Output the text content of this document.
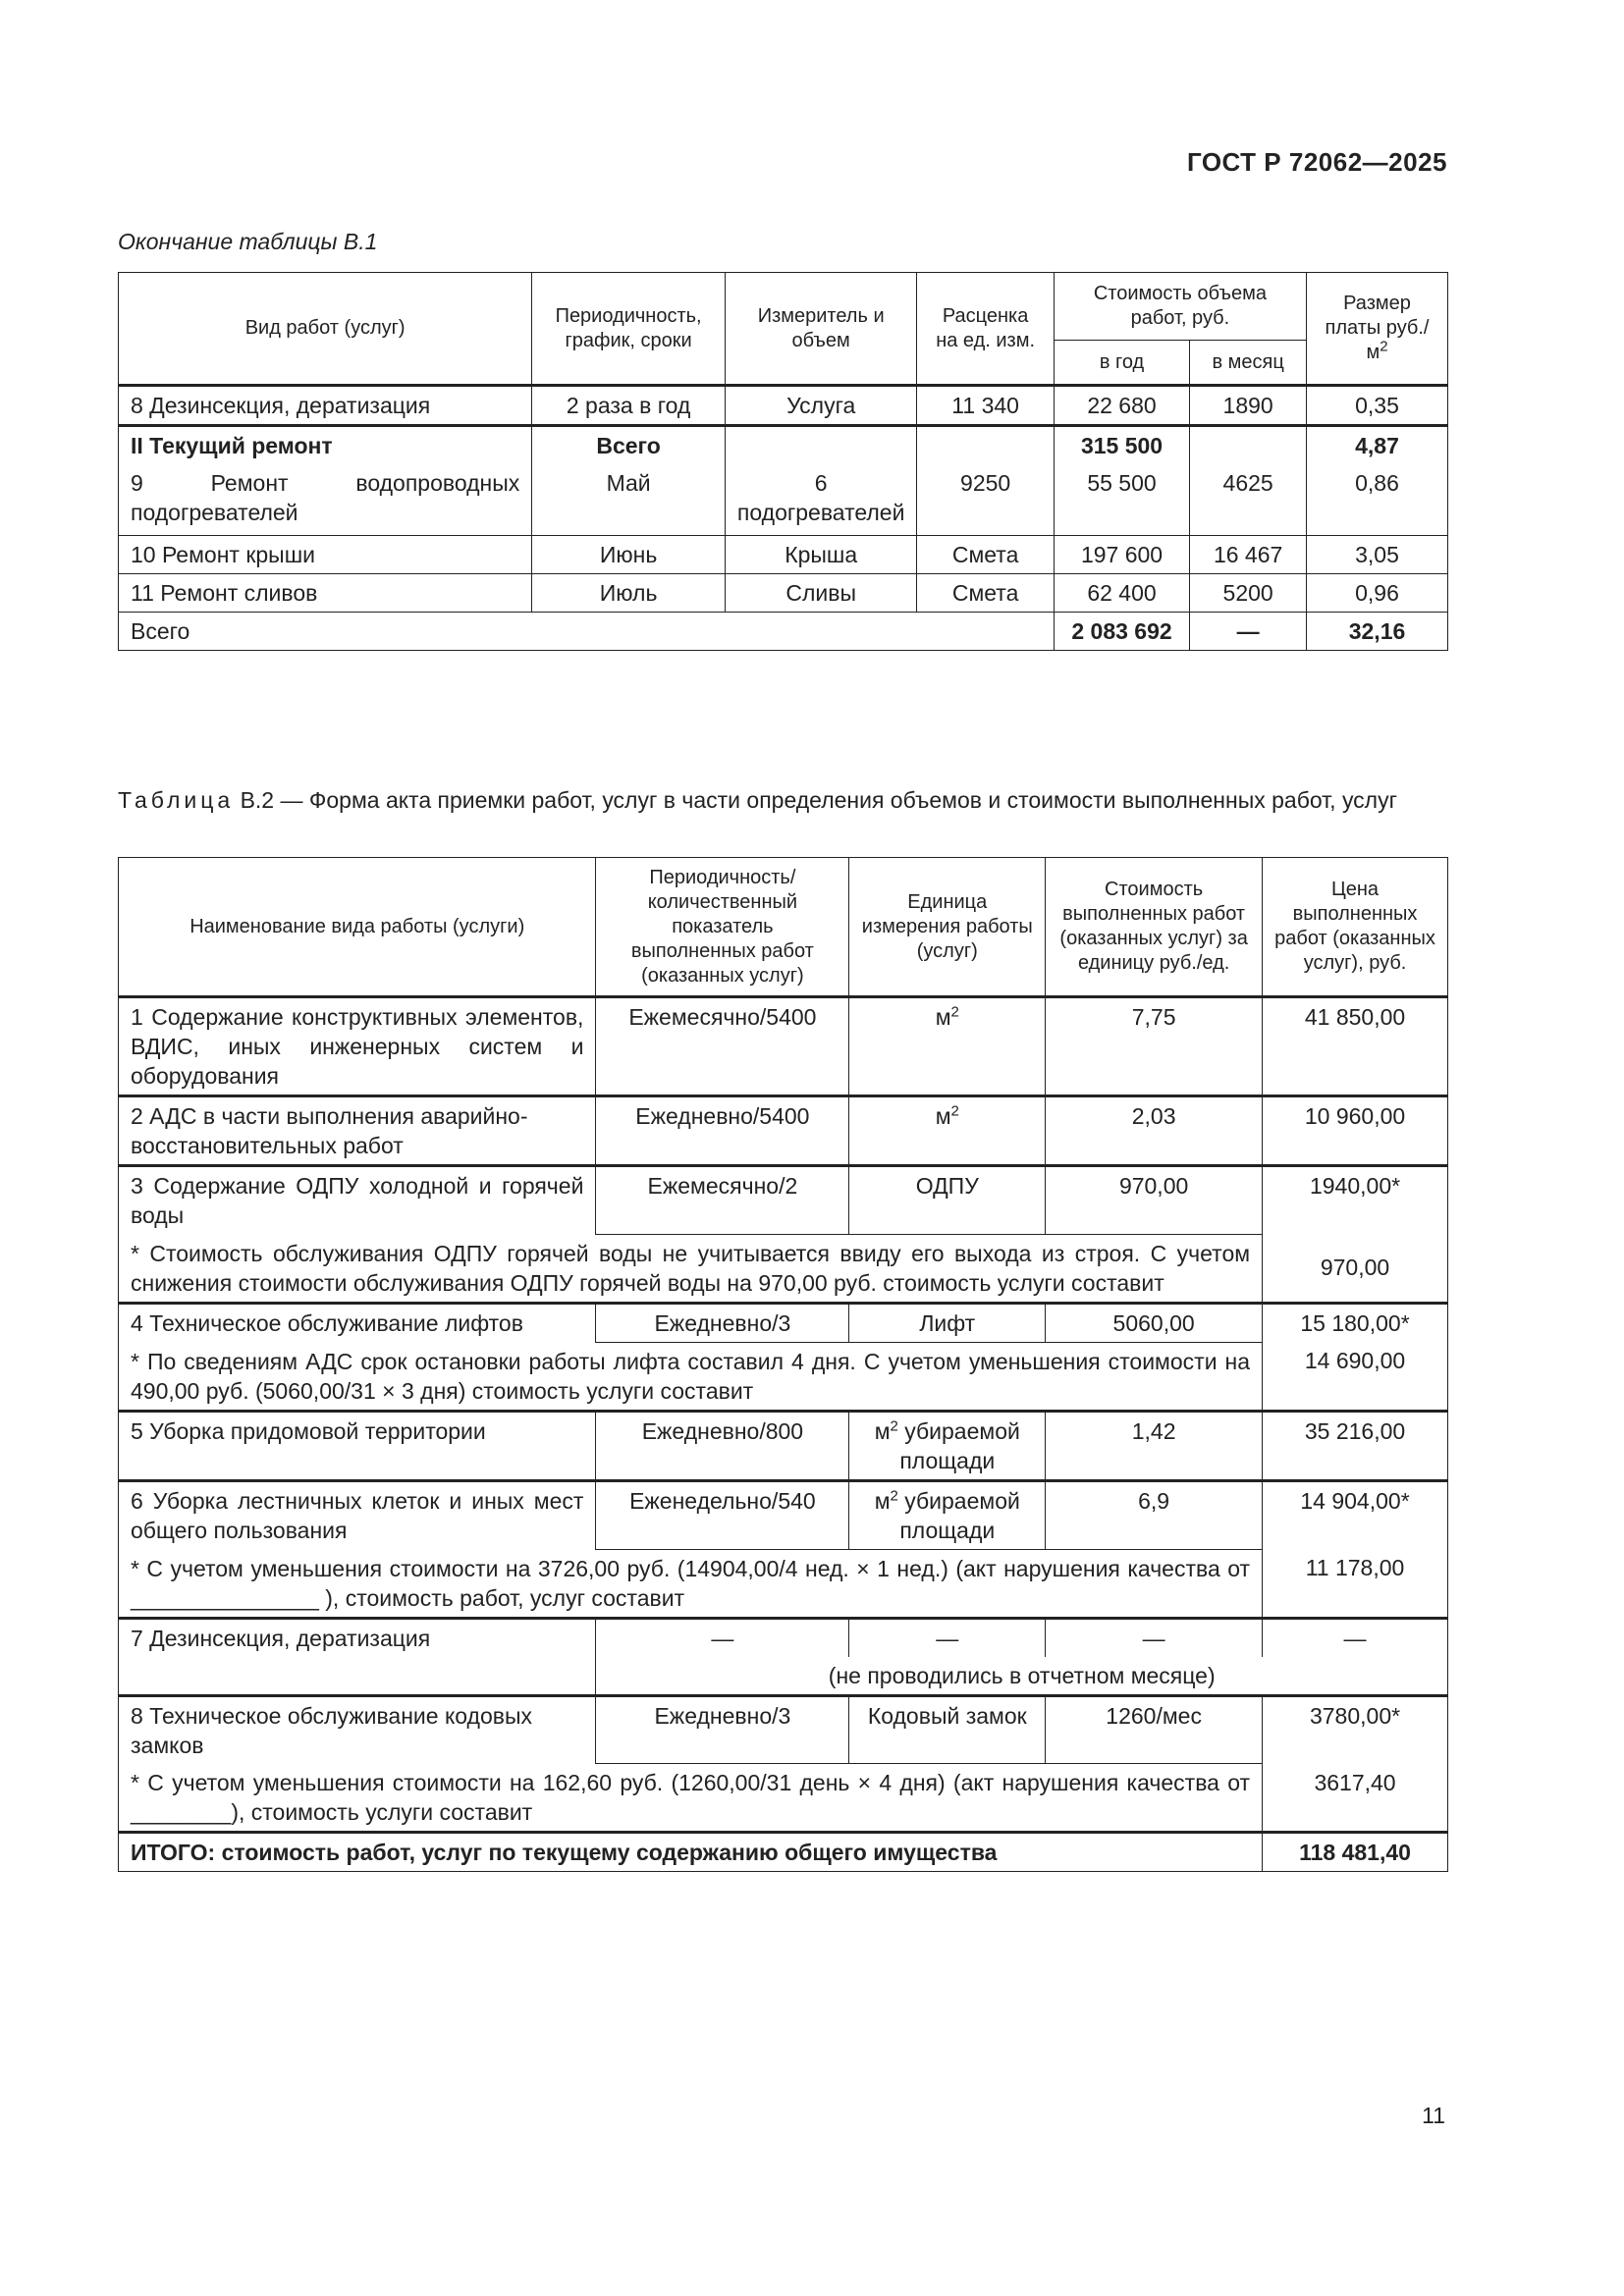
ГОСТ Р 72062—2025
Окончание таблицы В.1
Вид работ (услуг)	Периодичность, график, сроки	Измеритель и объем	Расценка на ед. изм.	Стоимость объема работ, руб.		Размер платы $руб./м^2$
				в год	в месяц	
8 Дезинсекция, дератизация	2 раза в год	Услуга	11 340	22 680	1890	0,35
II Текущий ремонт	Всего			315 500		4,87
9 Ремонт водопроводных подогревателей	Май	6 подогревателей	9250	55 500	4625	0,86
10 Ремонт крыши	Июнь	Крыша	Смета	197 600	16 467	3,05
11 Ремонт сливов	Июль	Сливы	Смета	62 400	5200	0,96
Всего				2 083 692	—	32,16
Таблица В.2 — Форма акта приемки работ, услуг в части определения объемов и стоимости выполненных работ, услуг
Наименование вида работы (услуги)	Периодичность/ количественный показатель выполненных работ (оказанных услуг)	Единица измерения работы (услуг)	Стоимость выполненных работ (оказанных услуг) за единицу руб./ед.	Цена выполненных работ (оказанных услуг), руб.
1 Содержание конструктивных элементов, ВДИС, иных инженерных систем и оборудования	Ежемесячно/5400	$м^2$	7,75	41 850,00
2 АДС в части выполнения аварийно-восстановительных работ	Ежедневно/5400	$м^2$	2,03	10 960,00
3 Содержание ОДПУ холодной и горячей воды	Ежемесячно/2	ОДПУ	970,00	1940,00*
* Стоимость обслуживания ОДПУ горячей воды не учитывается ввиду его выхода из строя. С учетом снижения стоимости обслуживания ОДПУ горячей воды на 970,00 руб. стоимость услуги составит				970,00
4 Техническое обслуживание лифтов	Ежедневно/3	Лифт	5060,00	15 180,00*
* По сведениям АДС срок остановки работы лифта составил 4 дня. С учетом уменьшения стоимости на 490,00 руб. (5060,00/31 × 3 дня) стоимость услуги составит				14 690,00
5 Уборка придомовой территории	Ежедневно/800	$м^2$ убираемой площади	1,42	35 216,00
6 Уборка лестничных клеток и иных мест общего пользования	Еженедельно/540	$м^2$ убираемой площади	6,9	14 904,00*
* С учетом уменьшения стоимости на 3726,00 руб. (14904,00/4 нед. × 1 нед.) (акт нарушения качества от _______________ ), стоимость работ, услуг составит				11 178,00
7 Дезинсекция, дератизация	—	—	—	—
	(не проводились в отчетном месяце)			
8 Техническое обслуживание кодовых замков	Ежедневно/3	Кодовый замок	1260/мес	3780,00*
* С учетом уменьшения стоимости на 162,60 руб. (1260,00/31 день × 4 дня) (акт нарушения качества от ________), стоимость услуги составит				3617,40
ИТОГО: стоимость работ, услуг по текущему содержанию общего имущества				118 481,40
11
